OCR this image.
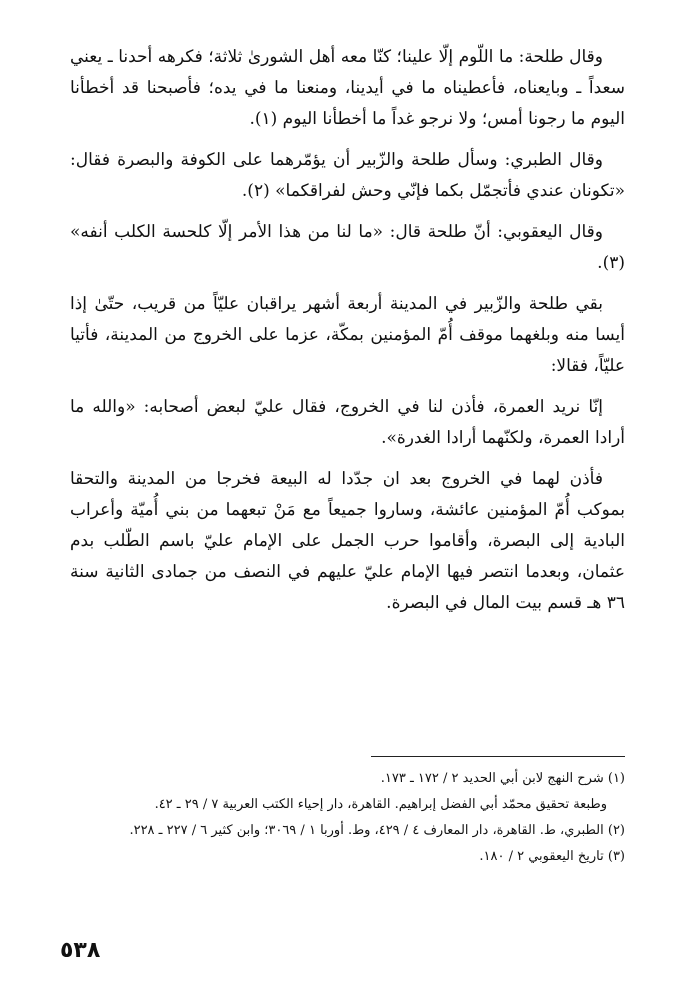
وقال طلحة: ما اللّوم إلّا علينا؛ كنّا معه أهل الشورىٰ ثلاثة؛ فكرهه أحدنا ـ يعني سعداً ـ وبايعناه، فأعطيناه ما في أيدينا، ومنعنا ما في يده؛ فأصبحنا قد أخطأنا اليوم ما رجونا أمس؛ ولا نرجو غداً ما أخطأنا اليوم (١).

وقال الطبري: وسأل طلحة والزّبير أن يؤمّرهما على الكوفة والبصرة فقال: «تكونان عندي فأتجمّل بكما فإنّي وحش لفراقكما» (٢).

وقال اليعقوبي: أنّ طلحة قال: «ما لنا من هذا الأمر إلّا كلحسة الكلب أنفه» (٣).

بقي طلحة والزّبير في المدينة أربعة أشهر يراقبان عليّاً من قريب، حتّىٰ إذا أيسا منه وبلغهما موقف أُمّ المؤمنين بمكّة، عزما على الخروج من المدينة، فأتيا عليّاً، فقالا:

إنّا نريد العمرة، فأذن لنا في الخروج، فقال عليّ لبعض أصحابه: «والله ما أرادا العمرة، ولكنّهما أرادا الغدرة».

فأذن لهما في الخروج بعد ان جدّدا له البيعة فخرجا من المدينة والتحقا بموكب أُمّ المؤمنين عائشة، وساروا جميعاً مع مَنْ تبعهما من بني أُميّة وأعراب البادية إلى البصرة، وأقاموا حرب الجمل على الإمام عليّ باسم الطّلب بدم عثمان، وبعدما انتصر فيها الإمام عليّ عليهم في النصف من جمادى الثانية سنة ٣٦ هـ قسم بيت المال في البصرة.

(١) شرح النهج لابن أبي الحديد ٢ / ١٧٢ ـ ١٧٣.

وطبعة تحقيق محمّد أبي الفضل إبراهيم. القاهرة، دار إحياء الكتب العربية ٧ / ٢٩ ـ ٤٢.

(٢) الطبري، ط. القاهرة، دار المعارف ٤ / ٤٢٩، وط. أوربا ١ / ٣٠٦٩؛ وابن كثير ٦ / ٢٢٧ ـ ٢٢٨.

(٣) تاريخ اليعقوبي ٢ / ١٨٠.

٥٣٨
